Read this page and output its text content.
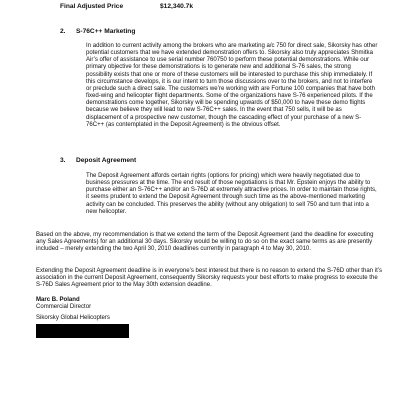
Final Adjusted Price	$12,340.7k
2. S-76C++ Marketing

In addition to current activity among the brokers who are marketing a/c 750 for direct sale, Sikorsky has other potential customers that we have extended demonstration offers to. Sikorsky also truly appreciates Shmitka Air’s offer of assistance to use serial number 760750 to perform these potential demonstrations. While our primary objective for these demonstrations is to generate new and additional S-76 sales, the strong possibility exists that one or more of these customers will be interested to purchase this ship immediately. If this circumstance develops, it is our intent to turn those discussions over to the brokers, and not to interfere or preclude such a direct sale. The customers we’re working with are Fortune 100 companies that have both fixed-wing and helicopter flight departments. Some of the organizations have S-76 experienced pilots. If the demonstrations come together, Sikorsky will be spending upwards of $50,000 to have these demo flights because we believe they will lead to new S-76C++ sales. In the event that 750 sells, it will be as displacement of a prospective new customer, though the cascading effect of your purchase of a new S-76C++ (as contemplated in the Deposit Agreement) is the obvious offset.

3. Deposit Agreement

The Deposit Agreement affords certain rights (options for pricing) which were heavily negotiated due to business pressures at the time. The end result of those negotiations is that Mr. Epstein enjoys the ability to purchase either an S-76C++ and/or an S-76D at extremely attractive prices. In order to maintain those rights, it seems prudent to extend the Deposit Agreement through such time as the above-mentioned marketing activity can be concluded. This preserves the ability (without any obligation) to sell 750 and turn that into a new helicopter.

Based on the above, my recommendation is that we extend the term of the Deposit Agreement (and the deadline for executing any Sales Agreements) for an additional 30 days. Sikorsky would be willing to do so on the exact same terms as are presently included – merely extending the two April 30, 2010 deadlines currently in paragraph 4 to May 30, 2010.

Extending the Deposit Agreement deadline is in everyone’s best interest but there is no reason to extend the S-76D other than it’s association in the current Deposit Agreement, consequently Sikorsky requests your best efforts to make progress to execute the S-76D Sales Agreement prior to the May 30th extension deadline.

Marc B. Poland
Commercial Director
Sikorsky Global Helicopters
